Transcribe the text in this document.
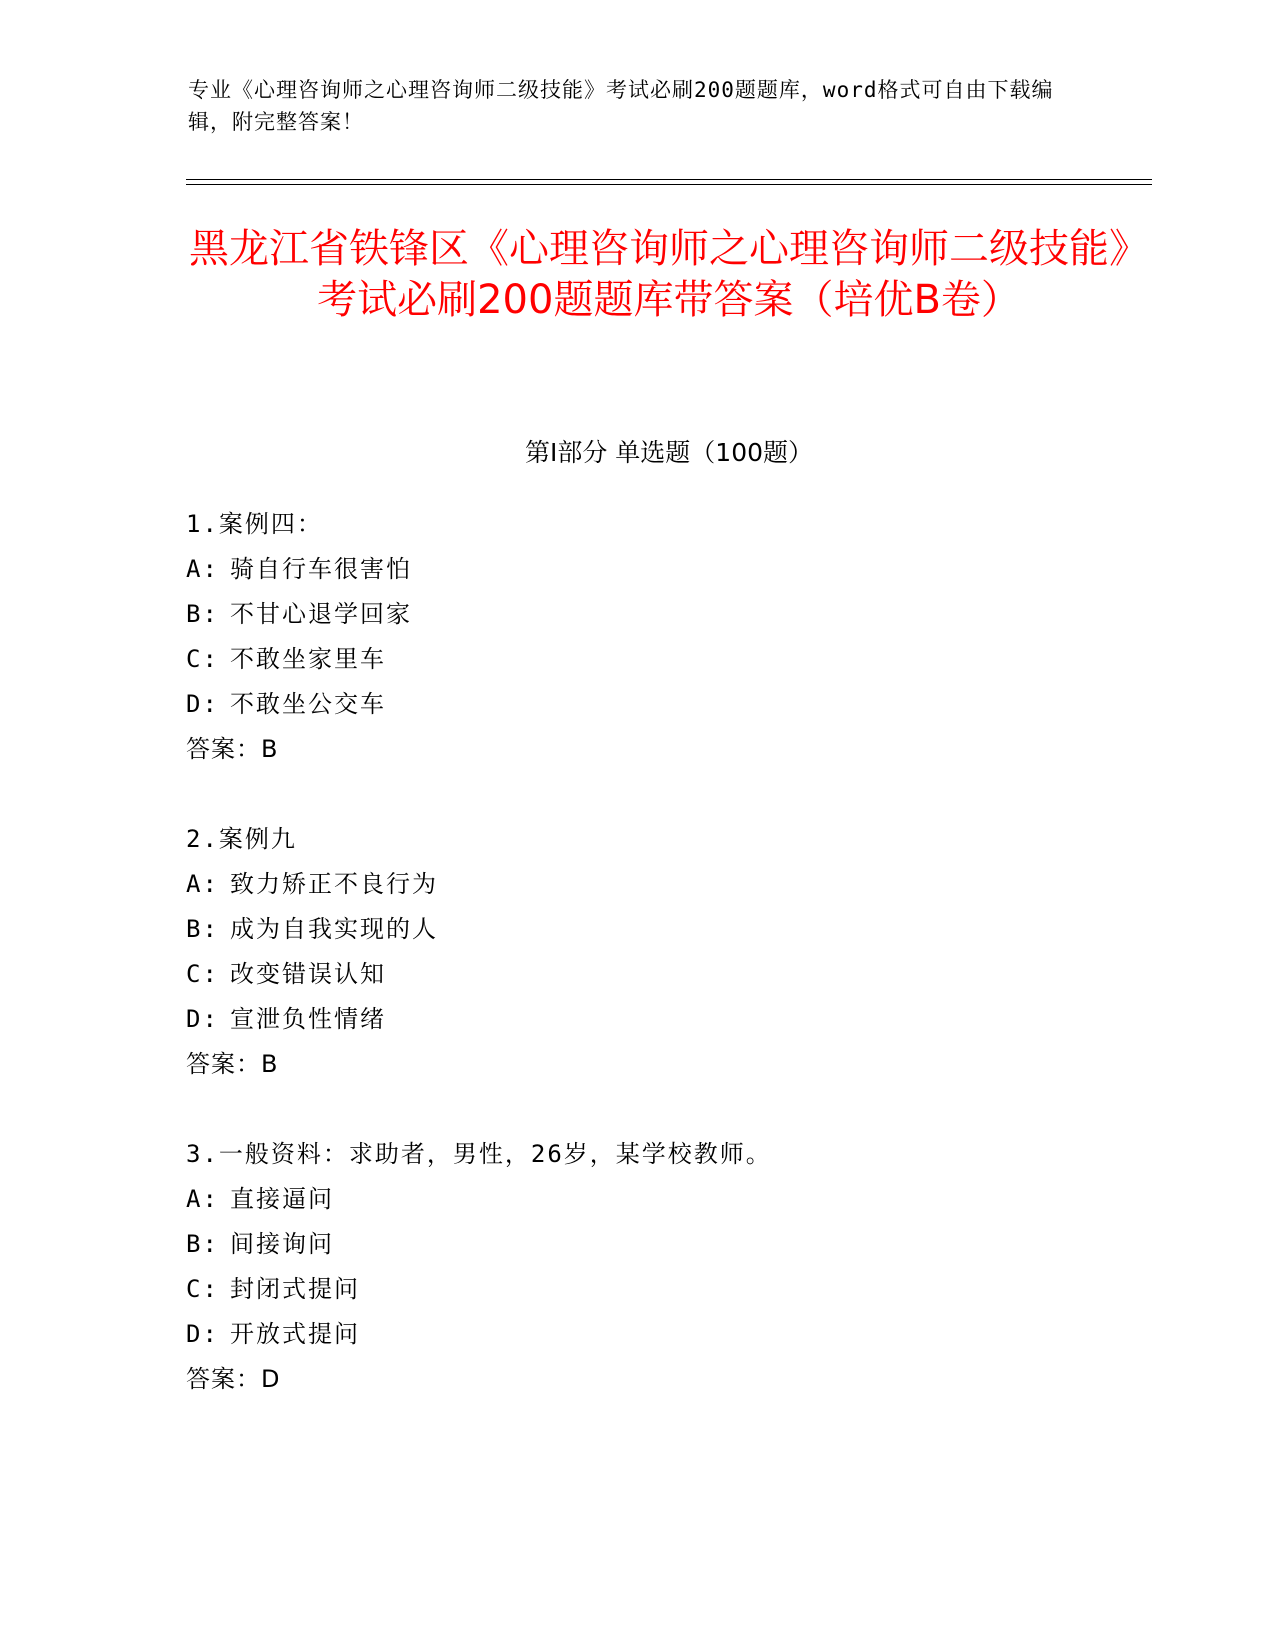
专业《心理咨询师之心理咨询师二级技能》考试必刷200题题库，word格式可自由下载编辑，附完整答案！

黑龙江省铁锋区《心理咨询师之心理咨询师二级技能》考试必刷200题题库带答案（培优B卷）
第I部分 单选题（100题）
1.案例四：
A: 骑自行车很害怕
B: 不甘心退学回家
C: 不敢坐家里车
D: 不敢坐公交车
答案：B
2.案例九
A: 致力矫正不良行为
B: 成为自我实现的人
C: 改变错误认知
D: 宣泄负性情绪
答案：B
3.一般资料：求助者，男性，26岁，某学校教师。
A: 直接逼问
B: 间接询问
C: 封闭式提问
D: 开放式提问
答案：D
